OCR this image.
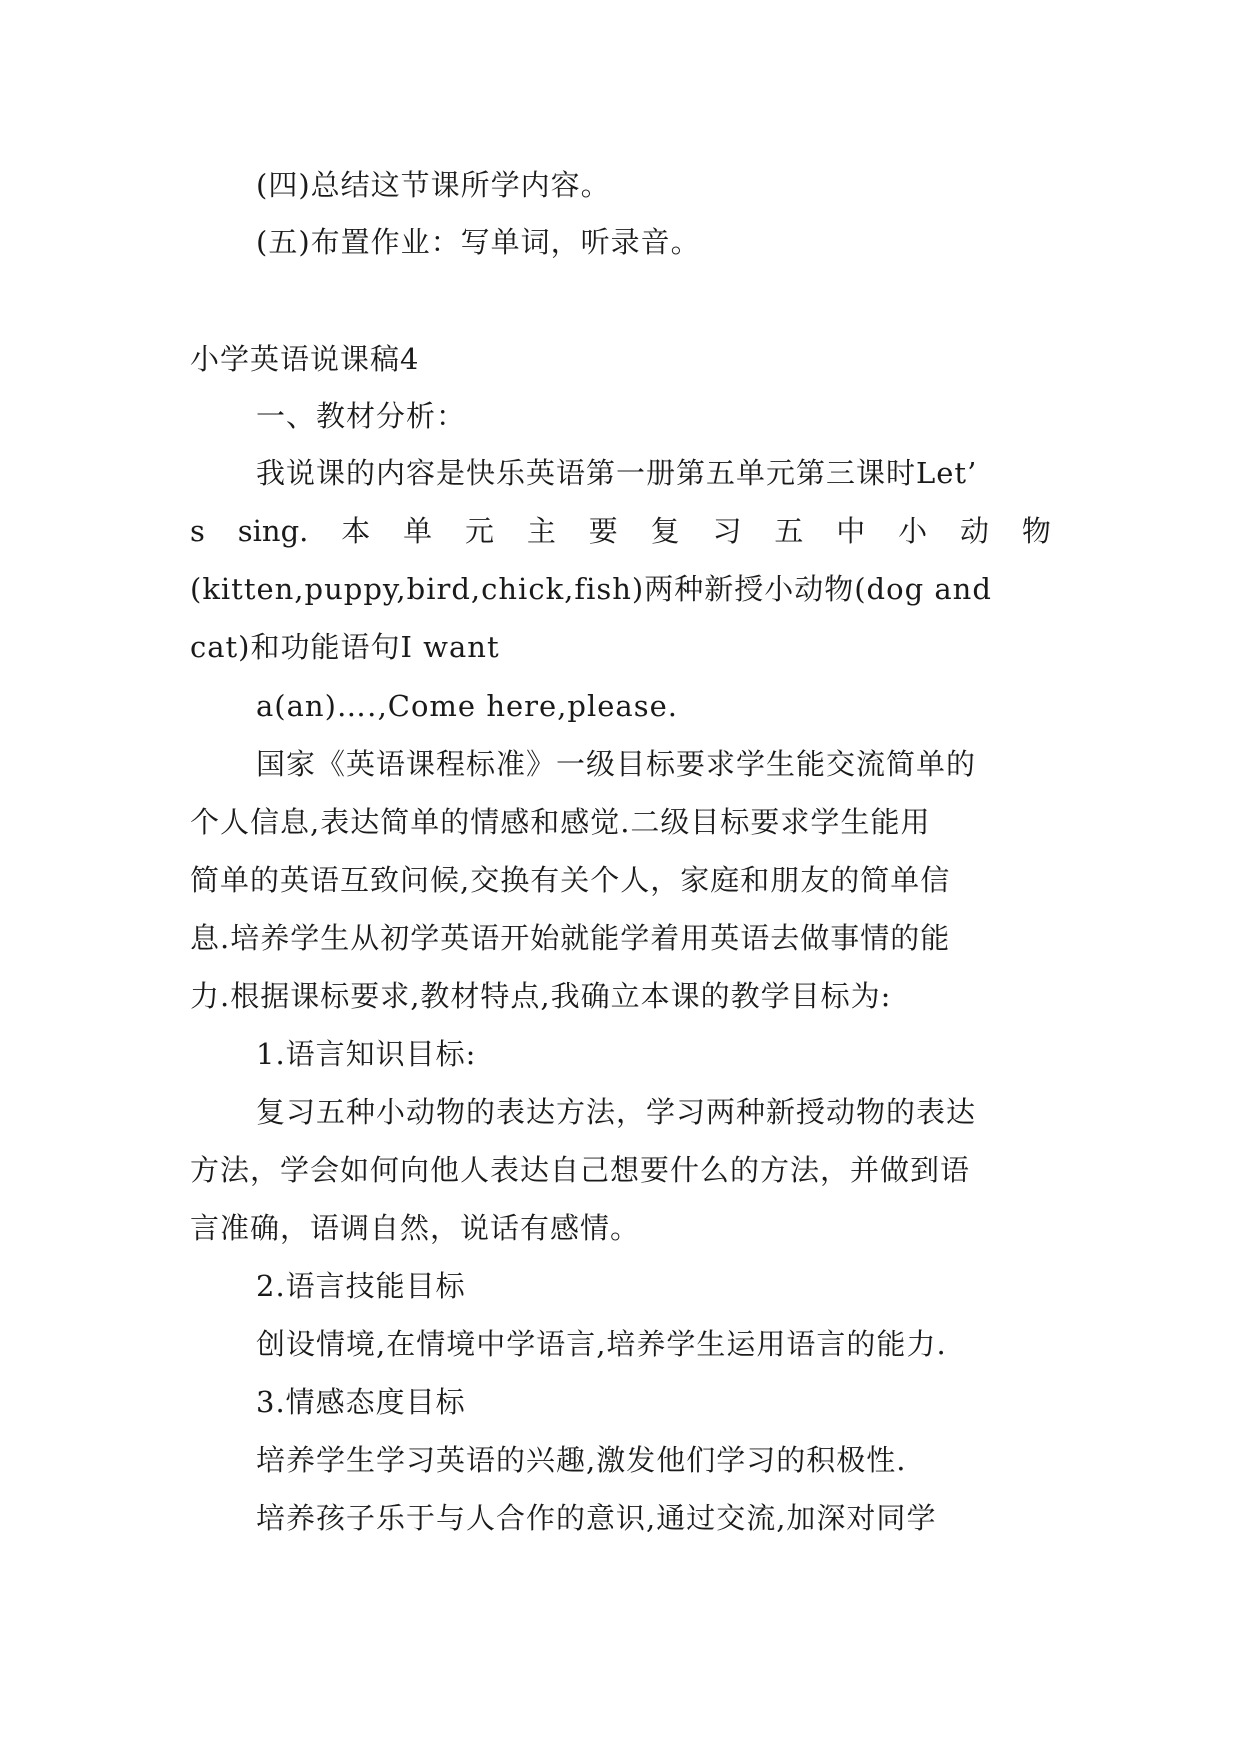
(四)总结这节课所学内容。
(五)布置作业：写单词，听录音。
小学英语说课稿4
一、教材分析：
我说课的内容是快乐英语第一册第五单元第三课时Let’
s sing. 本 单 元 主 要 复 习 五 中 小 动 物
(kitten,puppy,bird,chick,fish)两种新授小动物(dog and
cat)和功能语句I want
a(an)…․,Come here,please.
国家《英语课程标准》一级目标要求学生能交流简单的
个人信息,表达简单的情感和感觉.二级目标要求学生能用
简单的英语互致问候,交换有关个人，家庭和朋友的简单信
息.培养学生从初学英语开始就能学着用英语去做事情的能
力.根据课标要求,教材特点,我确立本课的教学目标为:
1.语言知识目标:
复习五种小动物的表达方法，学习两种新授动物的表达
方法，学会如何向他人表达自己想要什么的方法，并做到语
言准确，语调自然，说话有感情。
2.语言技能目标
创设情境,在情境中学语言,培养学生运用语言的能力.
3.情感态度目标
培养学生学习英语的兴趣,激发他们学习的积极性.
培养孩子乐于与人合作的意识,通过交流,加深对同学
